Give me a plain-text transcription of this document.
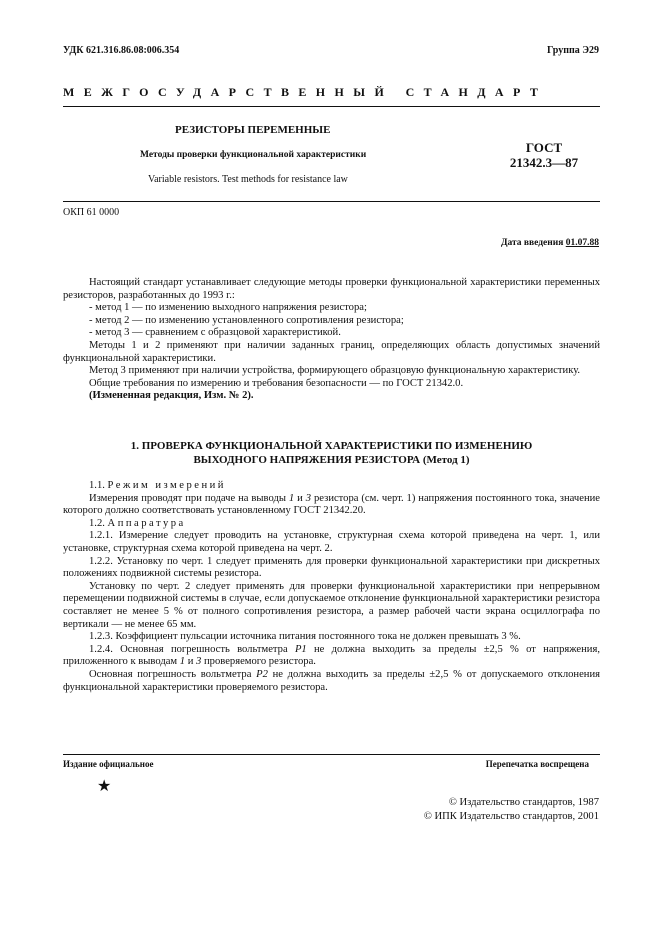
УДК 621.316.86.08:006.354	Группа Э29
МЕЖГОСУДАРСТВЕННЫЙ СТАНДАРТ
РЕЗИСТОРЫ ПЕРЕМЕННЫЕ
Методы проверки функциональной характеристики
Variable resistors. Test methods for resistance law
ГОСТ
21342.3—87
ОКП 61 0000
Дата введения 01.07.88

Настоящий стандарт устанавливает следующие методы проверки функциональной характеристики переменных резисторов, разработанных до 1993 г.:

- метод 1 — по изменению выходного напряжения резистора;

- метод 2 — по изменению установленного сопротивления резистора;

- метод 3 — сравнением с образцовой характеристикой.

Методы 1 и 2 применяют при наличии заданных границ, определяющих область допустимых значений функциональной характеристики.

Метод 3 применяют при наличии устройства, формирующего образцовую функциональную характеристику.

Общие требования по измерению и требования безопасности — по ГОСТ 21342.0.

(Измененная редакция, Изм. № 2).

1. ПРОВЕРКА ФУНКЦИОНАЛЬНОЙ ХАРАКТЕРИСТИКИ ПО ИЗМЕНЕНИЮ
ВЫХОДНОГО НАПРЯЖЕНИЯ РЕЗИСТОРА (Метод 1)

1.1. Режим измерений

Измерения проводят при подаче на выводы 1 и 3 резистора (см. черт. 1) напряжения постоянного тока, значение которого должно соответствовать установленному ГОСТ 21342.20.

1.2. Аппаратура

1.2.1. Измерение следует проводить на установке, структурная схема которой приведена на черт. 1, или установке, структурная схема которой приведена на черт. 2.

1.2.2. Установку по черт. 1 следует применять для проверки функциональной характеристики при дискретных положениях подвижной системы резистора.

Установку по черт. 2 следует применять для проверки функциональной характеристики при непрерывном перемещении подвижной системы в случае, если допускаемое отклонение функциональной характеристики резистора составляет не менее 5 % от полного сопротивления резистора, а размер рабочей части экрана осциллографа по вертикали — не менее 65 мм.

1.2.3. Коэффициент пульсации источника питания постоянного тока не должен превышать 3 %.

1.2.4. Основная погрешность вольтметра P1 не должна выходить за пределы ±2,5 % от напряжения, приложенного к выводам 1 и 3 проверяемого резистора.

Основная погрешность вольтметра P2 не должна выходить за пределы ±2,5 % от допускаемого отклонения функциональной характеристики проверяемого резистора.

Издание официальное	Перепечатка воспрещена
★
© Издательство стандартов, 1987
© ИПК Издательство стандартов, 2001
